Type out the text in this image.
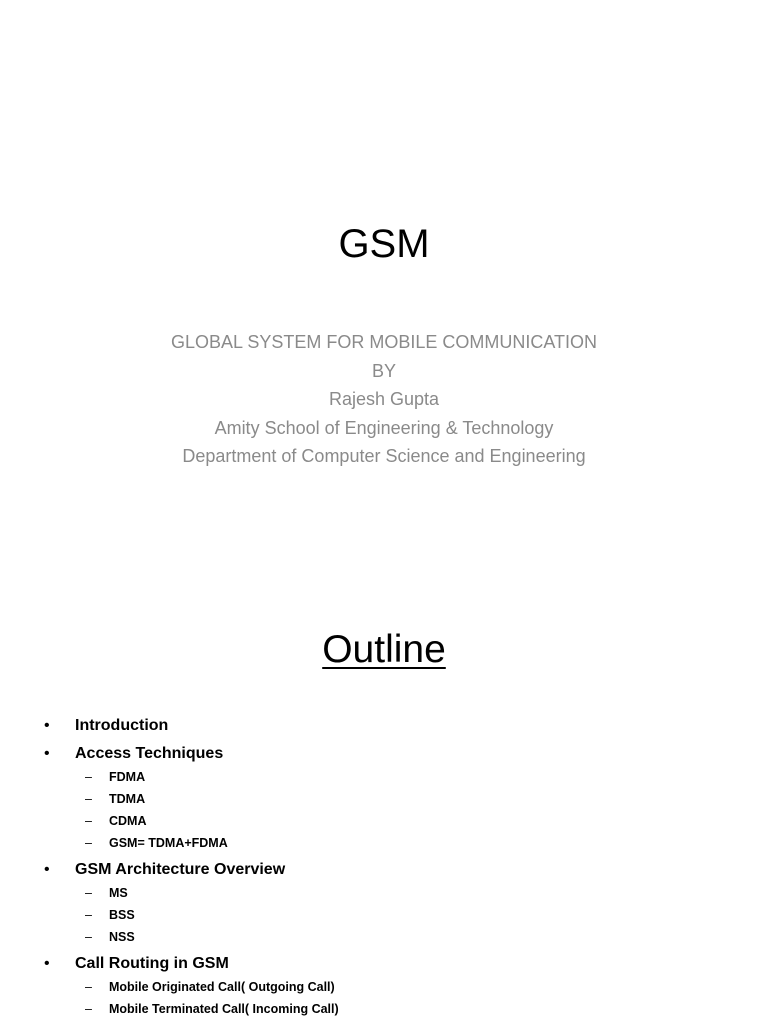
GSM
GLOBAL SYSTEM FOR MOBILE COMMUNICATION
BY
Rajesh Gupta
Amity School of Engineering & Technology
Department of Computer Science and Engineering
Outline
• Introduction
• Access Techniques
– FDMA
– TDMA
– CDMA
– GSM= TDMA+FDMA
• GSM Architecture Overview
– MS
– BSS
– NSS
• Call Routing in GSM
– Mobile Originated Call( Outgoing Call)
– Mobile Terminated Call( Incoming Call)
